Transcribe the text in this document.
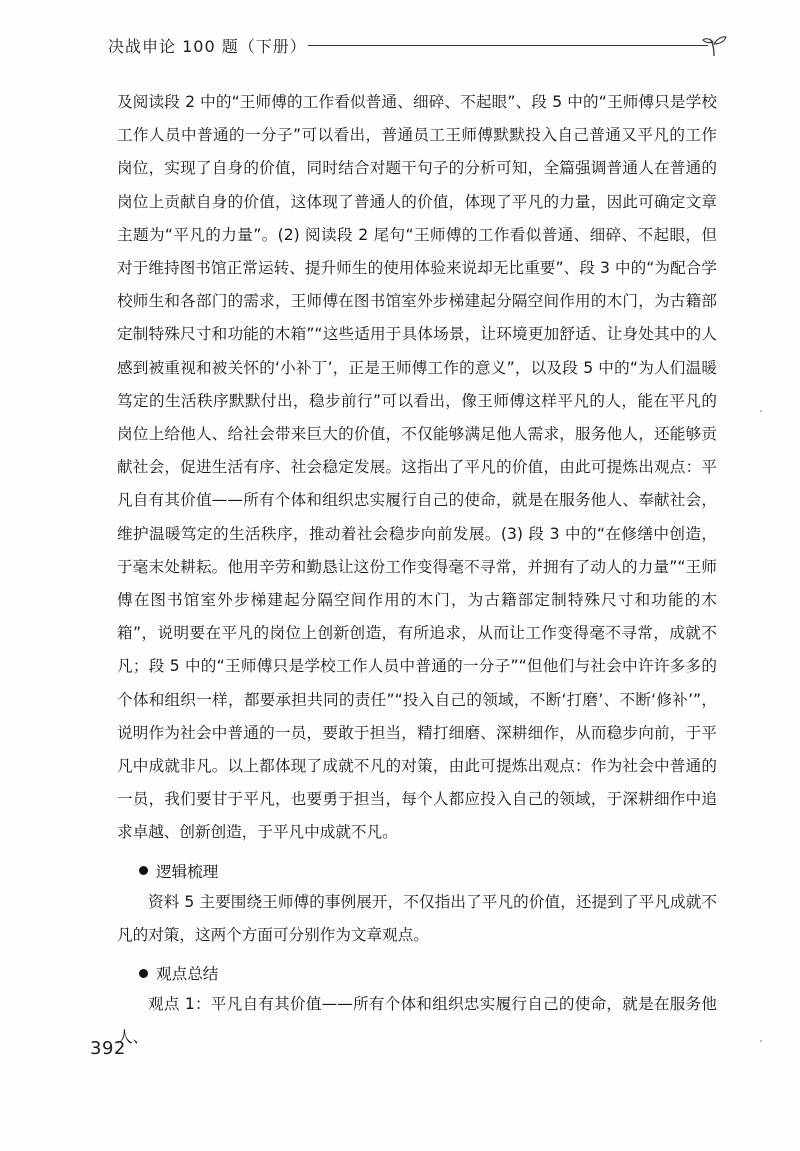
决战申论 100 题（下册）

及阅读段 2 中的“王师傅的工作看似普通、细碎、不起眼”、段 5 中的“王师傅只是学校工作人员中普通的一分子”可以看出，普通员工王师傅默默投入自己普通又平凡的工作岗位，实现了自身的价值，同时结合对题干句子的分析可知，全篇强调普通人在普通的岗位上贡献自身的价值，这体现了普通人的价值，体现了平凡的力量，因此可确定文章主题为“平凡的力量”。(2) 阅读段 2 尾句“王师傅的工作看似普通、细碎、不起眼，但对于维持图书馆正常运转、提升师生的使用体验来说却无比重要”、段 3 中的“为配合学校师生和各部门的需求，王师傅在图书馆室外步梯建起分隔空间作用的木门，为古籍部定制特殊尺寸和功能的木箱”“这些适用于具体场景，让环境更加舒适、让身处其中的人感到被重视和被关怀的‘小补丁’，正是王师傅工作的意义”，以及段 5 中的“为人们温暖笃定的生活秩序默默付出，稳步前行”可以看出，像王师傅这样平凡的人，能在平凡的岗位上给他人、给社会带来巨大的价值，不仅能够满足他人需求，服务他人，还能够贡献社会，促进生活有序、社会稳定发展。这指出了平凡的价值，由此可提炼出观点：平凡自有其价值——所有个体和组织忠实履行自己的使命，就是在服务他人、奉献社会，维护温暖笃定的生活秩序，推动着社会稳步向前发展。(3) 段 3 中的“在修缮中创造，于毫末处耕耘。他用辛劳和勤恳让这份工作变得毫不寻常，并拥有了动人的力量”“王师傅在图书馆室外步梯建起分隔空间作用的木门，为古籍部定制特殊尺寸和功能的木箱”，说明要在平凡的岗位上创新创造，有所追求，从而让工作变得毫不寻常，成就不凡；段 5 中的“王师傅只是学校工作人员中普通的一分子”“但他们与社会中许许多多的个体和组织一样，都要承担共同的责任”“投入自己的领域，不断‘打磨’、不断‘修补’”，说明作为社会中普通的一员，要敢于担当，精打细磨、深耕细作，从而稳步向前，于平凡中成就非凡。以上都体现了成就不凡的对策，由此可提炼出观点：作为社会中普通的一员，我们要甘于平凡，也要勇于担当，每个人都应投入自己的领域，于深耕细作中追求卓越、创新创造，于平凡中成就不凡。

逻辑梳理

资料 5 主要围绕王师傅的事例展开，不仅指出了平凡的价值，还提到了平凡成就不凡的对策，这两个方面可分别作为文章观点。

观点总结

观点 1：平凡自有其价值——所有个体和组织忠实履行自己的使命，就是在服务他人、

392
